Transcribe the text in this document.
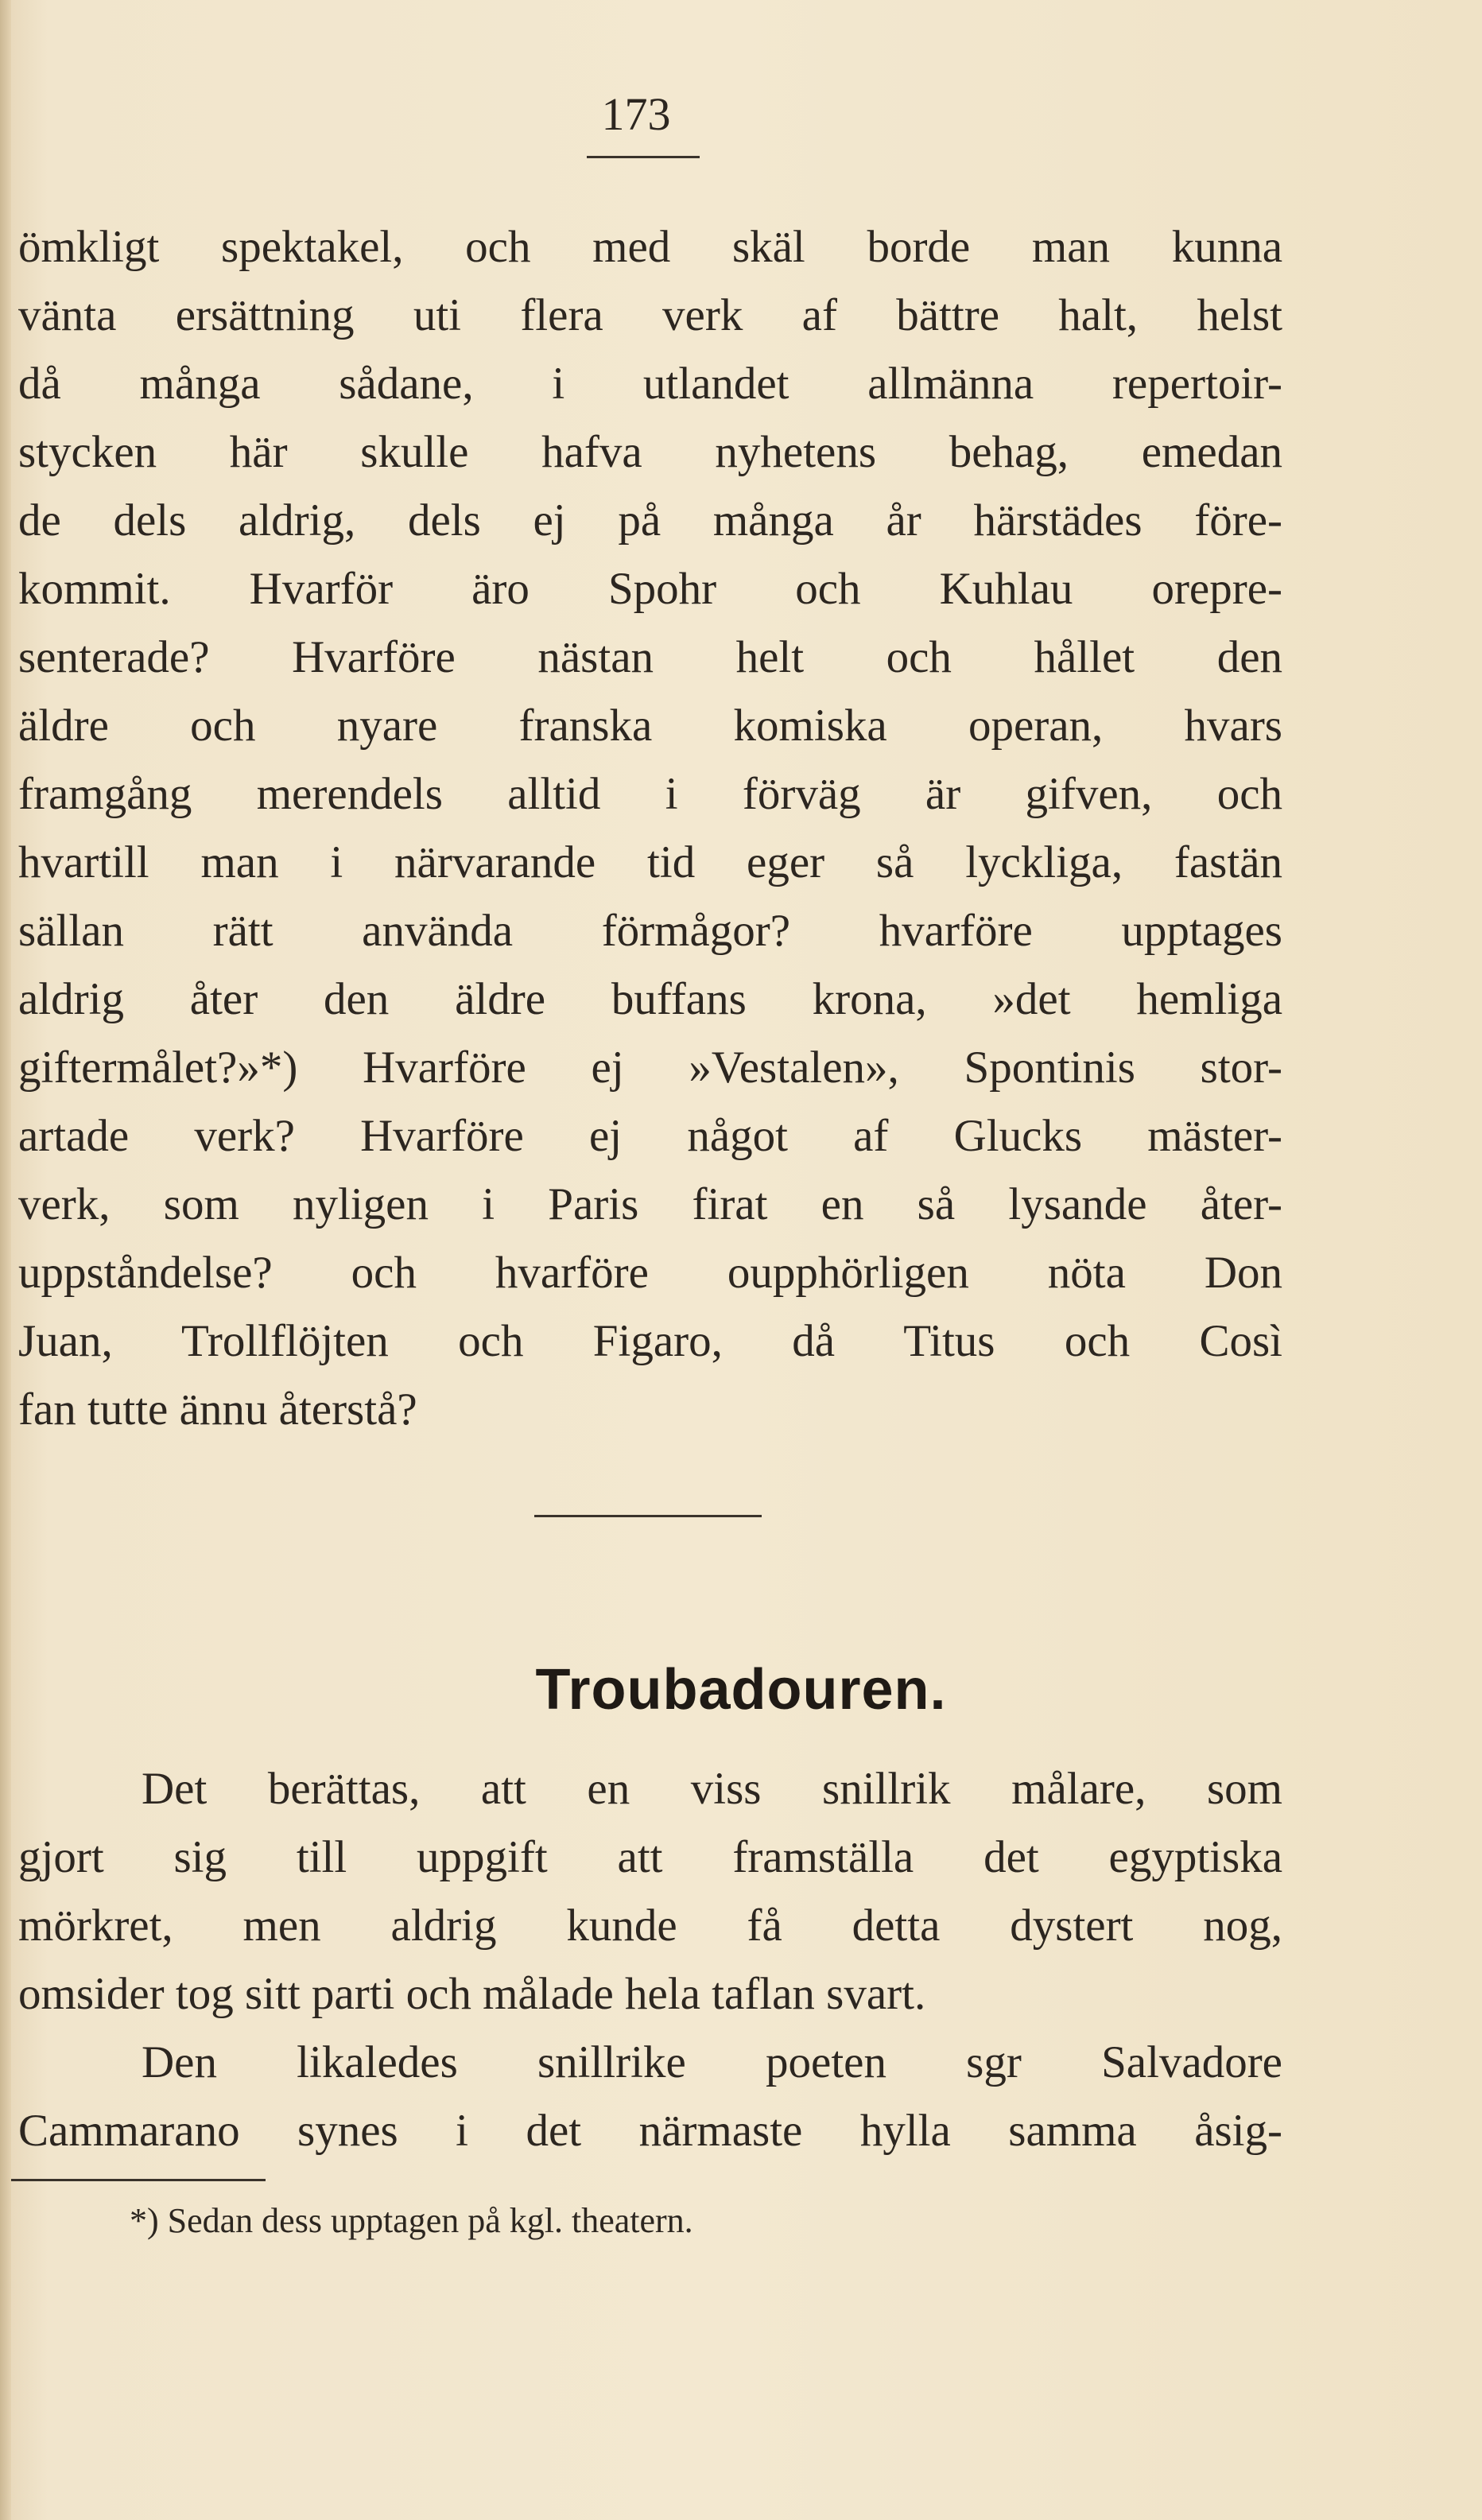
173
ömkligt spektakel, och med skäl borde man kunna
vänta ersättning uti flera verk af bättre halt, helst
då många sådane, i utlandet allmänna repertoir-
stycken här skulle hafva nyhetens behag, emedan
de dels aldrig, dels ej på många år härstädes före-
kommit. Hvarför äro Spohr och Kuhlau orepre-
senterade? Hvarföre nästan helt och hållet den
äldre och nyare franska komiska operan, hvars
framgång merendels alltid i förväg är gifven, och
hvartill man i närvarande tid eger så lyckliga, fastän
sällan rätt använda förmågor? hvarföre upptages
aldrig åter den äldre buffans krona, »det hemliga
giftermålet?»*) Hvarföre ej »Vestalen», Spontinis stor-
artade verk? Hvarföre ej något af Glucks mäster-
verk, som nyligen i Paris firat en så lysande åter-
uppståndelse? och hvarföre oupphörligen nöta Don
Juan, Trollflöjten och Figaro, då Titus och Così
fan tutte ännu återstå?
Troubadouren.
Det berättas, att en viss snillrik målare, som
gjort sig till uppgift att framställa det egyptiska
mörkret, men aldrig kunde få detta dystert nog,
omsider tog sitt parti och målade hela taflan svart.
Den likaledes snillrike poeten sgr Salvadore
Cammarano synes i det närmaste hylla samma åsig-
*) Sedan dess upptagen på kgl. theatern.
